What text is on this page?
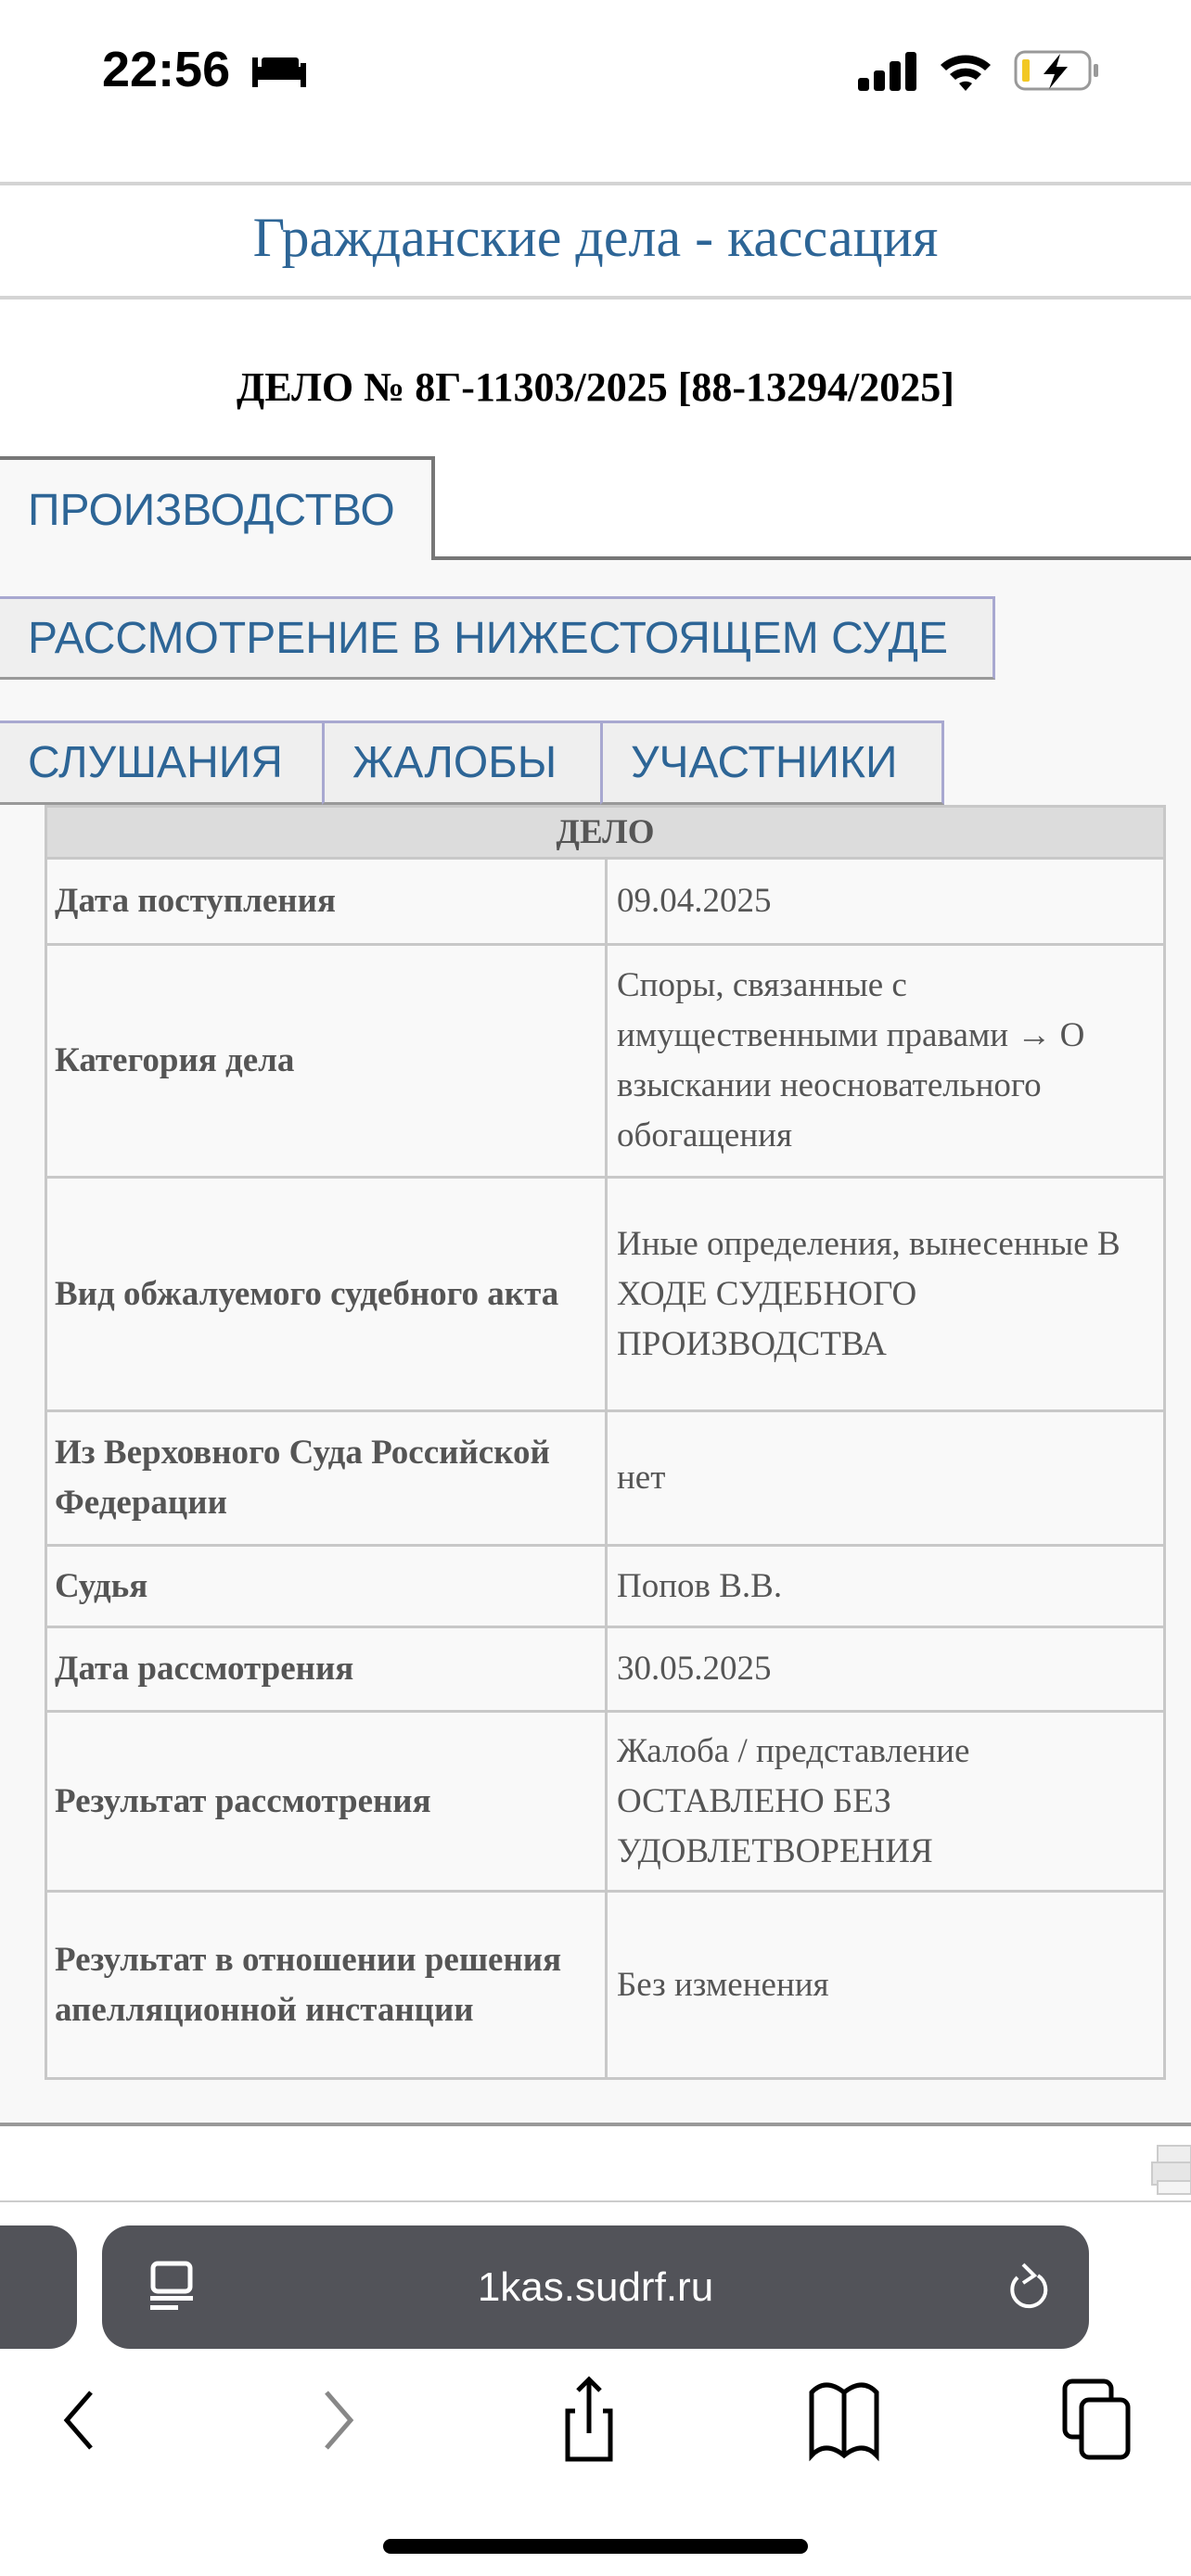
22:56
Гражданские дела - кассация
ДЕЛО № 8Г-11303/2025 [88-13294/2025]
ПРОИЗВОДСТВО
РАССМОТРЕНИЕ В НИЖЕСТОЯЩЕМ СУДЕ
СЛУШАНИЯ	ЖАЛОБЫ	УЧАСТНИКИ
ДЕЛО	
Дата поступления	09.04.2025
Категория дела	Споры, связанные с имущественными правами → О взыскании неосновательного обогащения
Вид обжалуемого судебного акта	Иные определения, вынесенные В ХОДЕ СУДЕБНОГО ПРОИЗВОДСТВА
Из Верховного Суда Российской Федерации	нет
Судья	Попов В.В.
Дата рассмотрения	30.05.2025
Результат рассмотрения	Жалоба / представление ОСТАВЛЕНО БЕЗ УДОВЛЕТВОРЕНИЯ
Результат в отношении решения апелляционной инстанции	Без изменения
1kas.sudrf.ru
